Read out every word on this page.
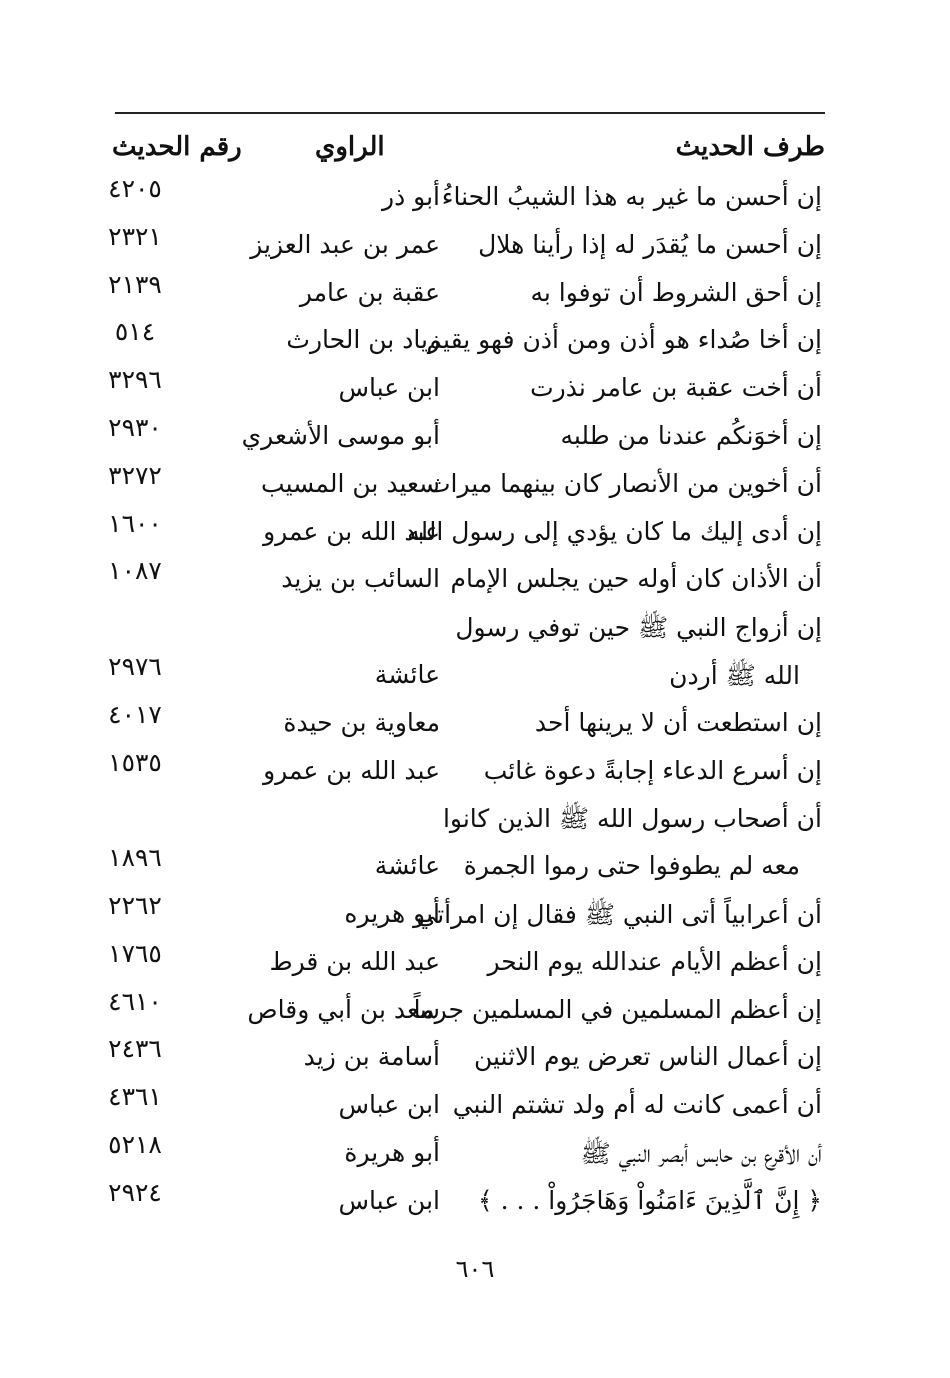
طرف الحديث
الراوي
رقم الحديث
إن أحسن ما غير به هذا الشيبُ الحناءُ
أبو ذر
٤٢٠٥
إن أحسن ما يُقدَر له إذا رأينا هلال
عمر بن عبد العزيز
٢٣٢١
إن أحق الشروط أن توفوا به
عقبة بن عامر
٢١٣٩
إن أخا صُداء هو أذن ومن أذن فهو يقيم
زياد بن الحارث
٥١٤
أن أخت عقبة بن عامر نذرت
ابن عباس
٣٢٩٦
إن أخوَنكُم عندنا من طلبه
أبو موسى الأشعري
٢٩٣٠
أن أخوين من الأنصار كان بينهما ميراث
سعيد بن المسيب
٣٢٧٢
إن أدى إليك ما كان يؤدي إلى رسول الله
عبد الله بن عمرو
١٦٠٠
أن الأذان كان أوله حين يجلس الإمام
السائب بن يزيد
١٠٨٧
إن أزواج النبي ﷺ حين توفي رسول
الله ﷺ أردن
عائشة
٢٩٧٦
إن استطعت أن لا يرينها أحد
معاوية بن حيدة
٤٠١٧
إن أسرع الدعاء إجابةً دعوة غائب
عبد الله بن عمرو
١٥٣٥
أن أصحاب رسول الله ﷺ الذين كانوا
معه لم يطوفوا حتى رموا الجمرة
عائشة
١٨٩٦
أن أعرابياً أتى النبي ﷺ فقال إن امرأتي
أبو هريره
٢٢٦٢
إن أعظم الأيام عندالله يوم النحر
عبد الله بن قرط
١٧٦٥
إن أعظم المسلمين في المسلمين جرماً
سعد بن أبي وقاص
٤٦١٠
إن أعمال الناس تعرض يوم الاثنين
أسامة بن زيد
٢٤٣٦
أن أعمى كانت له أم ولد تشتم النبي
ابن عباس
٤٣٦١
أن الأقرع بن حابس أبصر النبي ﷺ
أبو هريرة
٥٢١٨
﴿ إِنَّ ٱلَّذِينَ ءَامَنُواْ وَهَاجَرُواْ . . . ﴾
ابن عباس
٢٩٢٤
٦٠٦
